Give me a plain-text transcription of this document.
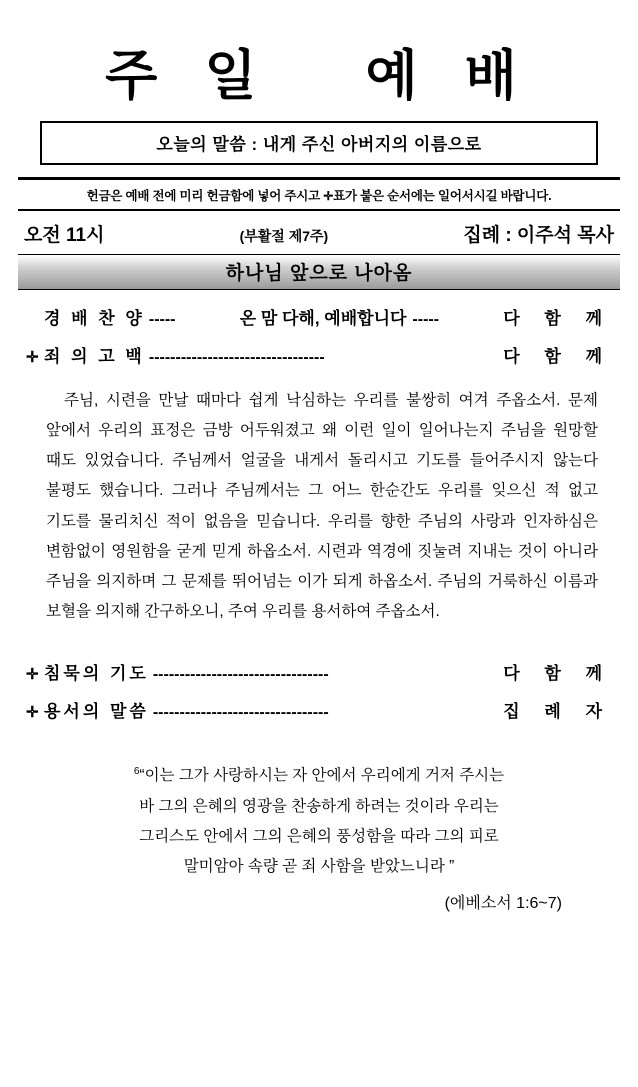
주 일   예 배
오늘의 말씀 : 내게 주신 아버지의 이름으로
헌금은 예배 전에 미리 헌금함에 넣어 주시고 ✛표가 붙은 순서에는 일어서시길 바랍니다.
오전 11시	(부활절 제7주)	집례 : 이주석 목사
하나님 앞으로 나아옴
경 배 찬 양 -----	온 맘 다해, 예배합니다 -----	다 함 께
✛ 죄 의 고 백 ---------------------------------	다 함 께

주님, 시련을 만날 때마다 쉽게 낙심하는 우리를 불쌍히 여겨 주옵소서. 문제 앞에서 우리의 표정은 금방 어두워졌고 왜 이런 일이 일어나는지 주님을 원망할 때도 있었습니다. 주님께서 얼굴을 내게서 돌리시고 기도를 들어주시지 않는다 불평도 했습니다. 그러나 주님께서는 그 어느 한순간도 우리를 잊으신 적 없고 기도를 물리치신 적이 없음을 믿습니다. 우리를 향한 주님의 사랑과 인자하심은 변함없이 영원함을 굳게 믿게 하옵소서. 시련과 역경에 짓눌려 지내는 것이 아니라 주님을 의지하며 그 문제를 뛰어넘는 이가 되게 하옵소서. 주님의 거룩하신 이름과 보혈을 의지해 간구하오니, 주여 우리를 용서하여 주옵소서.

✛ 침묵의 기도 ---------------------------------	다 함 께
✛ 용서의 말씀 ---------------------------------	집 례 자
$^6$“이는 그가 사랑하시는 자 안에서 우리에게 거저 주시는
바 그의 은혜의 영광을 찬송하게 하려는 것이라 우리는
그리스도 안에서 그의 은혜의 풍성함을 따라 그의 피로
말미암아 속량 곧 죄 사함을 받았느니라 ”
(에베소서 1:6~7)
